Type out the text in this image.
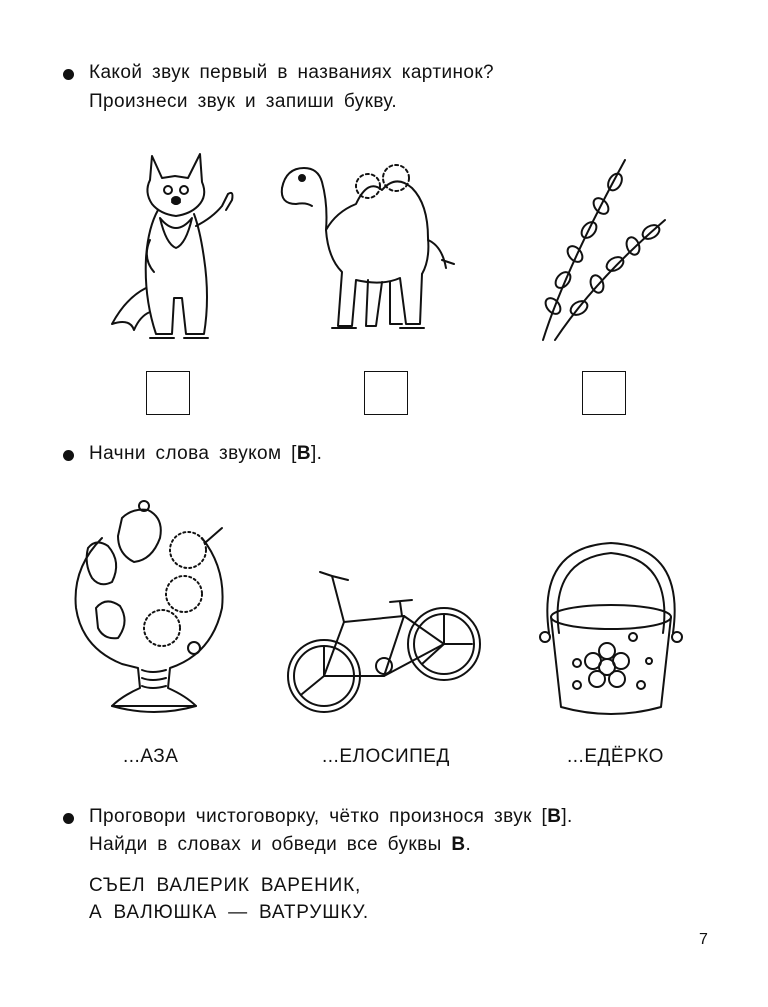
Какой звук первый в названиях картинок?
Произнеси звук и запиши букву.
Начни слова звуком [В].
...АЗА	...ЕЛОСИПЕД	...ЕДЁРКО
Проговори чистоговорку, чётко произнося звук [В].
Найди в словах и обведи все буквы В.
СЪЕЛ ВАЛЕРИК ВАРЕНИК,
А ВАЛЮШКА — ВАТРУШКУ.
7
